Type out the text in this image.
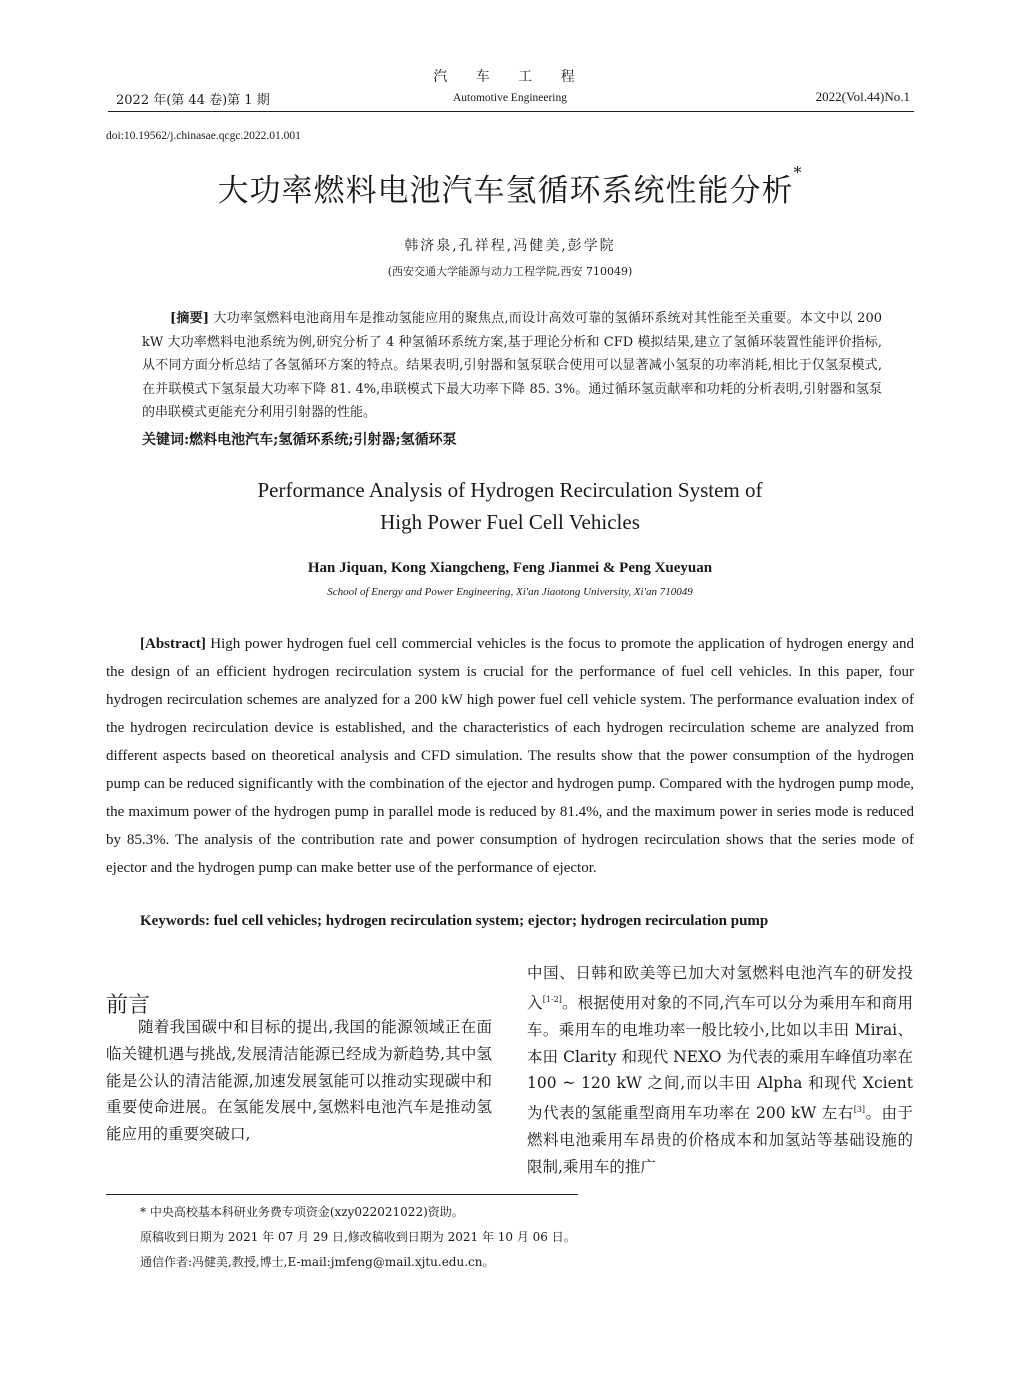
汽 车 工 程
2022 年(第 44 卷)第 1 期	Automotive Engineering	2022(Vol.44)No.1
doi:10.19562/j.chinasae.qcgc.2022.01.001
大功率燃料电池汽车氢循环系统性能分析*
韩济泉,孔祥程,冯健美,彭学院
(西安交通大学能源与动力工程学院,西安 710049)
[摘要] 大功率氢燃料电池商用车是推动氢能应用的聚焦点,而设计高效可靠的氢循环系统对其性能至关重要。本文中以 200 kW 大功率燃料电池系统为例,研究分析了 4 种氢循环系统方案,基于理论分析和 CFD 模拟结果,建立了氢循环装置性能评价指标,从不同方面分析总结了各氢循环方案的特点。结果表明,引射器和氢泵联合使用可以显著减小氢泵的功率消耗,相比于仅氢泵模式,在并联模式下氢泵最大功率下降 81. 4%,串联模式下最大功率下降 85. 3%。通过循环氢贡献率和功耗的分析表明,引射器和氢泵的串联模式更能充分利用引射器的性能。
关键词:燃料电池汽车;氢循环系统;引射器;氢循环泵
Performance Analysis of Hydrogen Recirculation System of
High Power Fuel Cell Vehicles
Han Jiquan, Kong Xiangcheng, Feng Jianmei & Peng Xueyuan
School of Energy and Power Engineering, Xi'an Jiaotong University, Xi'an 710049
[Abstract] High power hydrogen fuel cell commercial vehicles is the focus to promote the application of hydrogen energy and the design of an efficient hydrogen recirculation system is crucial for the performance of fuel cell vehicles. In this paper, four hydrogen recirculation schemes are analyzed for a 200 kW high power fuel cell vehicle system. The performance evaluation index of the hydrogen recirculation device is established, and the characteristics of each hydrogen recirculation scheme are analyzed from different aspects based on theoretical analysis and CFD simulation. The results show that the power consumption of the hydrogen pump can be reduced significantly with the combination of the ejector and hydrogen pump. Compared with the hydrogen pump mode, the maximum power of the hydrogen pump in parallel mode is reduced by 81.4%, and the maximum power in series mode is reduced by 85.3%. The analysis of the contribution rate and power consumption of hydrogen recirculation shows that the series mode of ejector and the hydrogen pump can make better use of the performance of ejector.
Keywords: fuel cell vehicles; hydrogen recirculation system; ejector; hydrogen recirculation pump
前言
随着我国碳中和目标的提出,我国的能源领域正在面临关键机遇与挑战,发展清洁能源已经成为新趋势,其中氢能是公认的清洁能源,加速发展氢能可以推动实现碳中和重要使命进展。在氢能发展中,氢燃料电池汽车是推动氢能应用的重要突破口,
中国、日韩和欧美等已加大对氢燃料电池汽车的研发投入[1-2]。根据使用对象的不同,汽车可以分为乘用车和商用车。乘用车的电堆功率一般比较小,比如以丰田 Mirai、本田 Clarity 和现代 NEXO 为代表的乘用车峰值功率在 100 ~ 120 kW 之间,而以丰田 Alpha 和现代 Xcient 为代表的氢能重型商用车功率在 200 kW 左右[3]。由于燃料电池乘用车昂贵的价格成本和加氢站等基础设施的限制,乘用车的推广
* 中央高校基本科研业务费专项资金(xzy022021022)资助。
原稿收到日期为 2021 年 07 月 29 日,修改稿收到日期为 2021 年 10 月 06 日。
通信作者:冯健美,教授,博士,E-mail:jmfeng@mail.xjtu.edu.cn。
